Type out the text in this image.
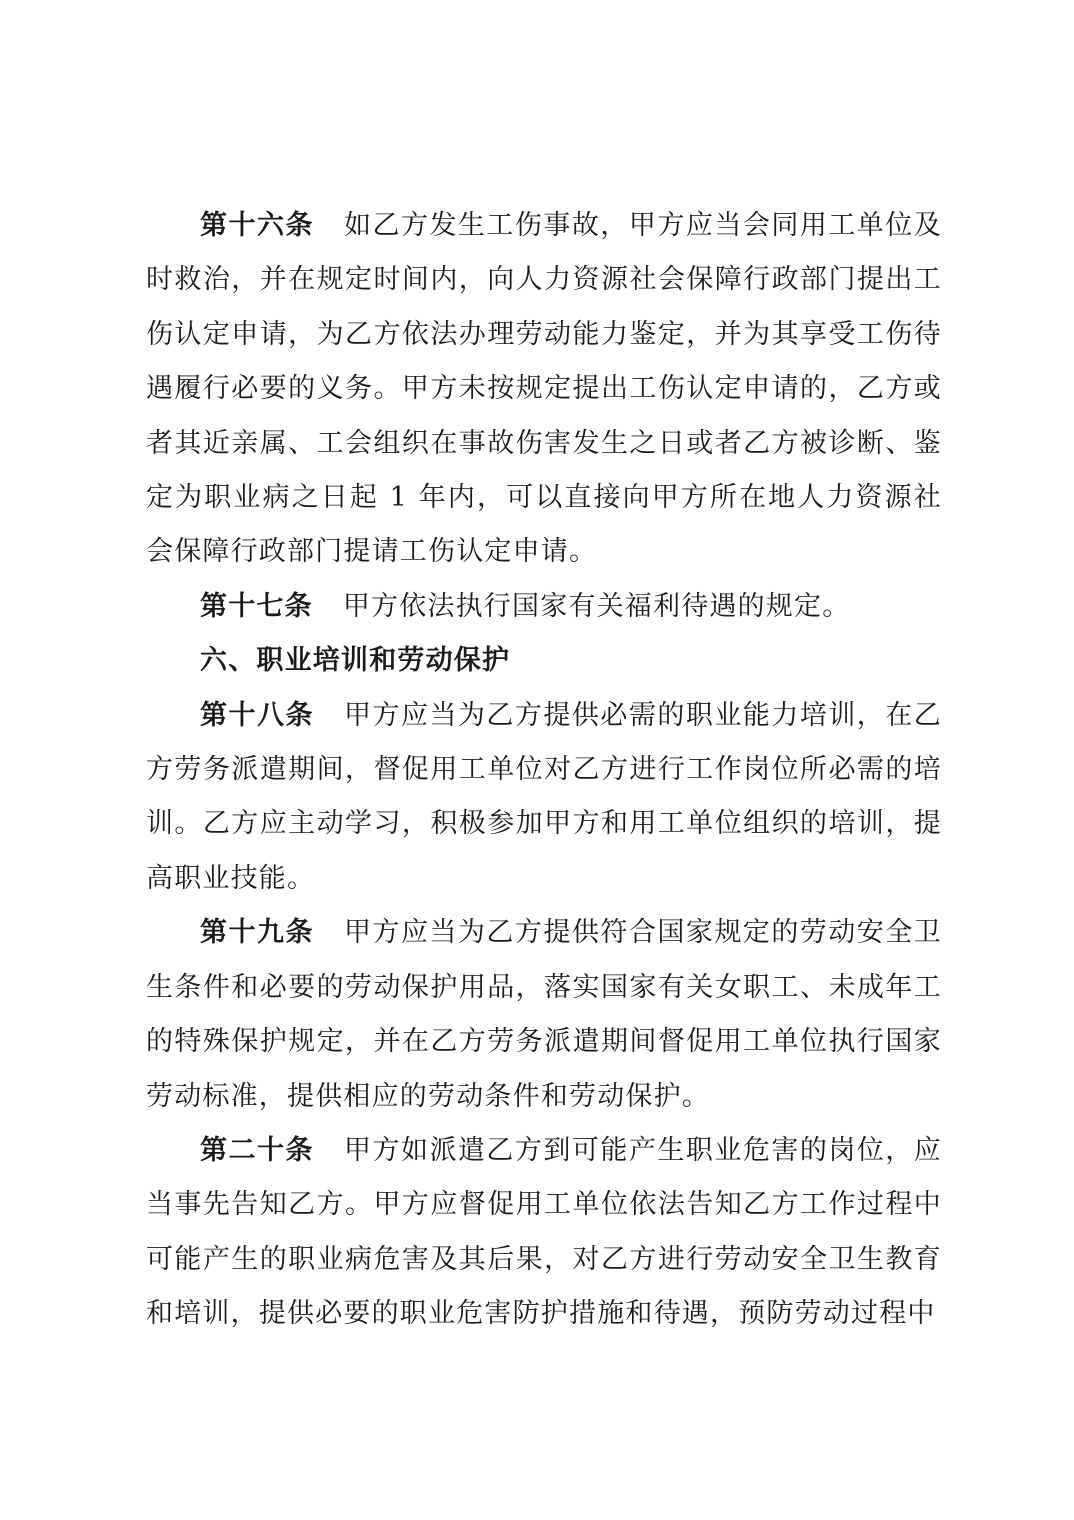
第十六条 如乙方发生工伤事故，甲方应当会同用工单位及时救治，并在规定时间内，向人力资源社会保障行政部门提出工伤认定申请，为乙方依法办理劳动能力鉴定，并为其享受工伤待遇履行必要的义务。甲方未按规定提出工伤认定申请的，乙方或者其近亲属、工会组织在事故伤害发生之日或者乙方被诊断、鉴定为职业病之日起 1 年内，可以直接向甲方所在地人力资源社会保障行政部门提请工伤认定申请。

第十七条 甲方依法执行国家有关福利待遇的规定。

六、职业培训和劳动保护

第十八条 甲方应当为乙方提供必需的职业能力培训，在乙方劳务派遣期间，督促用工单位对乙方进行工作岗位所必需的培训。乙方应主动学习，积极参加甲方和用工单位组织的培训，提高职业技能。

第十九条 甲方应当为乙方提供符合国家规定的劳动安全卫生条件和必要的劳动保护用品，落实国家有关女职工、未成年工的特殊保护规定，并在乙方劳务派遣期间督促用工单位执行国家劳动标准，提供相应的劳动条件和劳动保护。

第二十条 甲方如派遣乙方到可能产生职业危害的岗位，应当事先告知乙方。甲方应督促用工单位依法告知乙方工作过程中可能产生的职业病危害及其后果，对乙方进行劳动安全卫生教育和培训，提供必要的职业危害防护措施和待遇，预防劳动过程中
